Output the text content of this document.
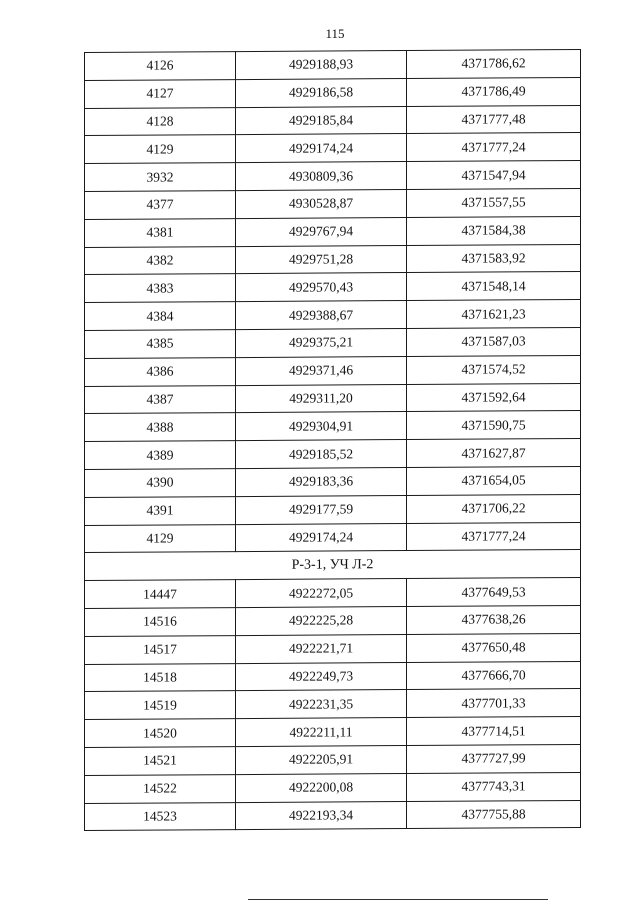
115
4126	4929188,93	4371786,62
4127	4929186,58	4371786,49
4128	4929185,84	4371777,48
4129	4929174,24	4371777,24
3932	4930809,36	4371547,94
4377	4930528,87	4371557,55
4381	4929767,94	4371584,38
4382	4929751,28	4371583,92
4383	4929570,43	4371548,14
4384	4929388,67	4371621,23
4385	4929375,21	4371587,03
4386	4929371,46	4371574,52
4387	4929311,20	4371592,64
4388	4929304,91	4371590,75
4389	4929185,52	4371627,87
4390	4929183,36	4371654,05
4391	4929177,59	4371706,22
4129	4929174,24	4371777,24
Р-3-1, УЧ Л-2		
14447	4922272,05	4377649,53
14516	4922225,28	4377638,26
14517	4922221,71	4377650,48
14518	4922249,73	4377666,70
14519	4922231,35	4377701,33
14520	4922211,11	4377714,51
14521	4922205,91	4377727,99
14522	4922200,08	4377743,31
14523	4922193,34	4377755,88
